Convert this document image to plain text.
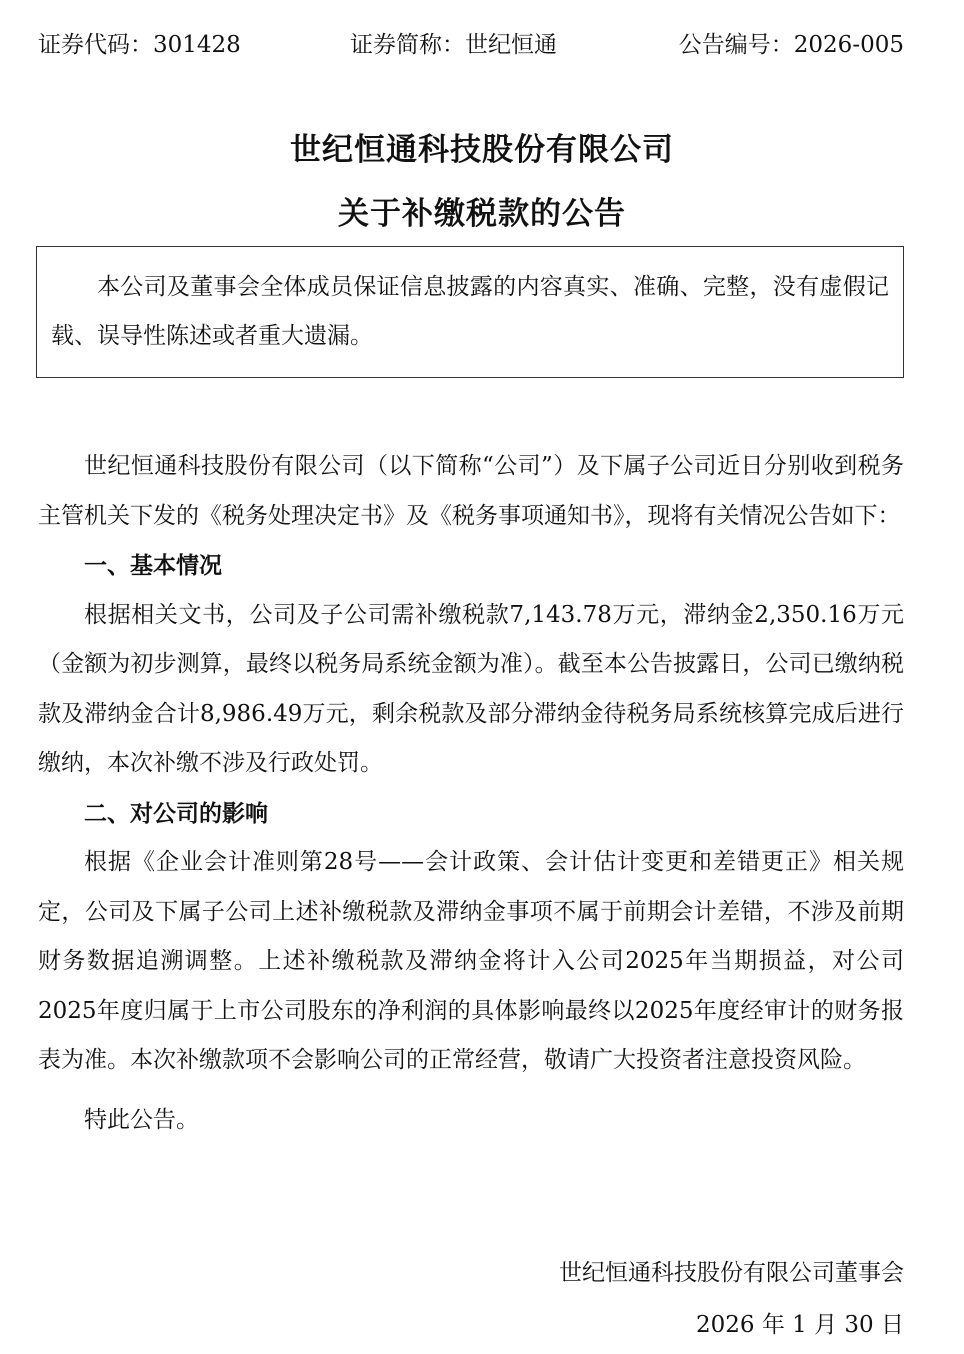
证券代码：301428	证券简称：世纪恒通	公告编号：2026-005
世纪恒通科技股份有限公司
关于补缴税款的公告
本公司及董事会全体成员保证信息披露的内容真实、准确、完整，没有虚假记载、误导性陈述或者重大遗漏。

世纪恒通科技股份有限公司（以下简称“公司”）及下属子公司近日分别收到税务主管机关下发的《税务处理决定书》及《税务事项通知书》，现将有关情况公告如下：

一、基本情况

根据相关文书，公司及子公司需补缴税款7,143.78万元，滞纳金2,350.16万元（金额为初步测算，最终以税务局系统金额为准）。截至本公告披露日，公司已缴纳税款及滞纳金合计8,986.49万元，剩余税款及部分滞纳金待税务局系统核算完成后进行缴纳，本次补缴不涉及行政处罚。

二、对公司的影响

根据《企业会计准则第28号——会计政策、会计估计变更和差错更正》相关规定，公司及下属子公司上述补缴税款及滞纳金事项不属于前期会计差错，不涉及前期财务数据追溯调整。上述补缴税款及滞纳金将计入公司2025年当期损益，对公司2025年度归属于上市公司股东的净利润的具体影响最终以2025年度经审计的财务报表为准。本次补缴款项不会影响公司的正常经营，敬请广大投资者注意投资风险。

特此公告。

世纪恒通科技股份有限公司董事会
2026 年 1 月 30 日
